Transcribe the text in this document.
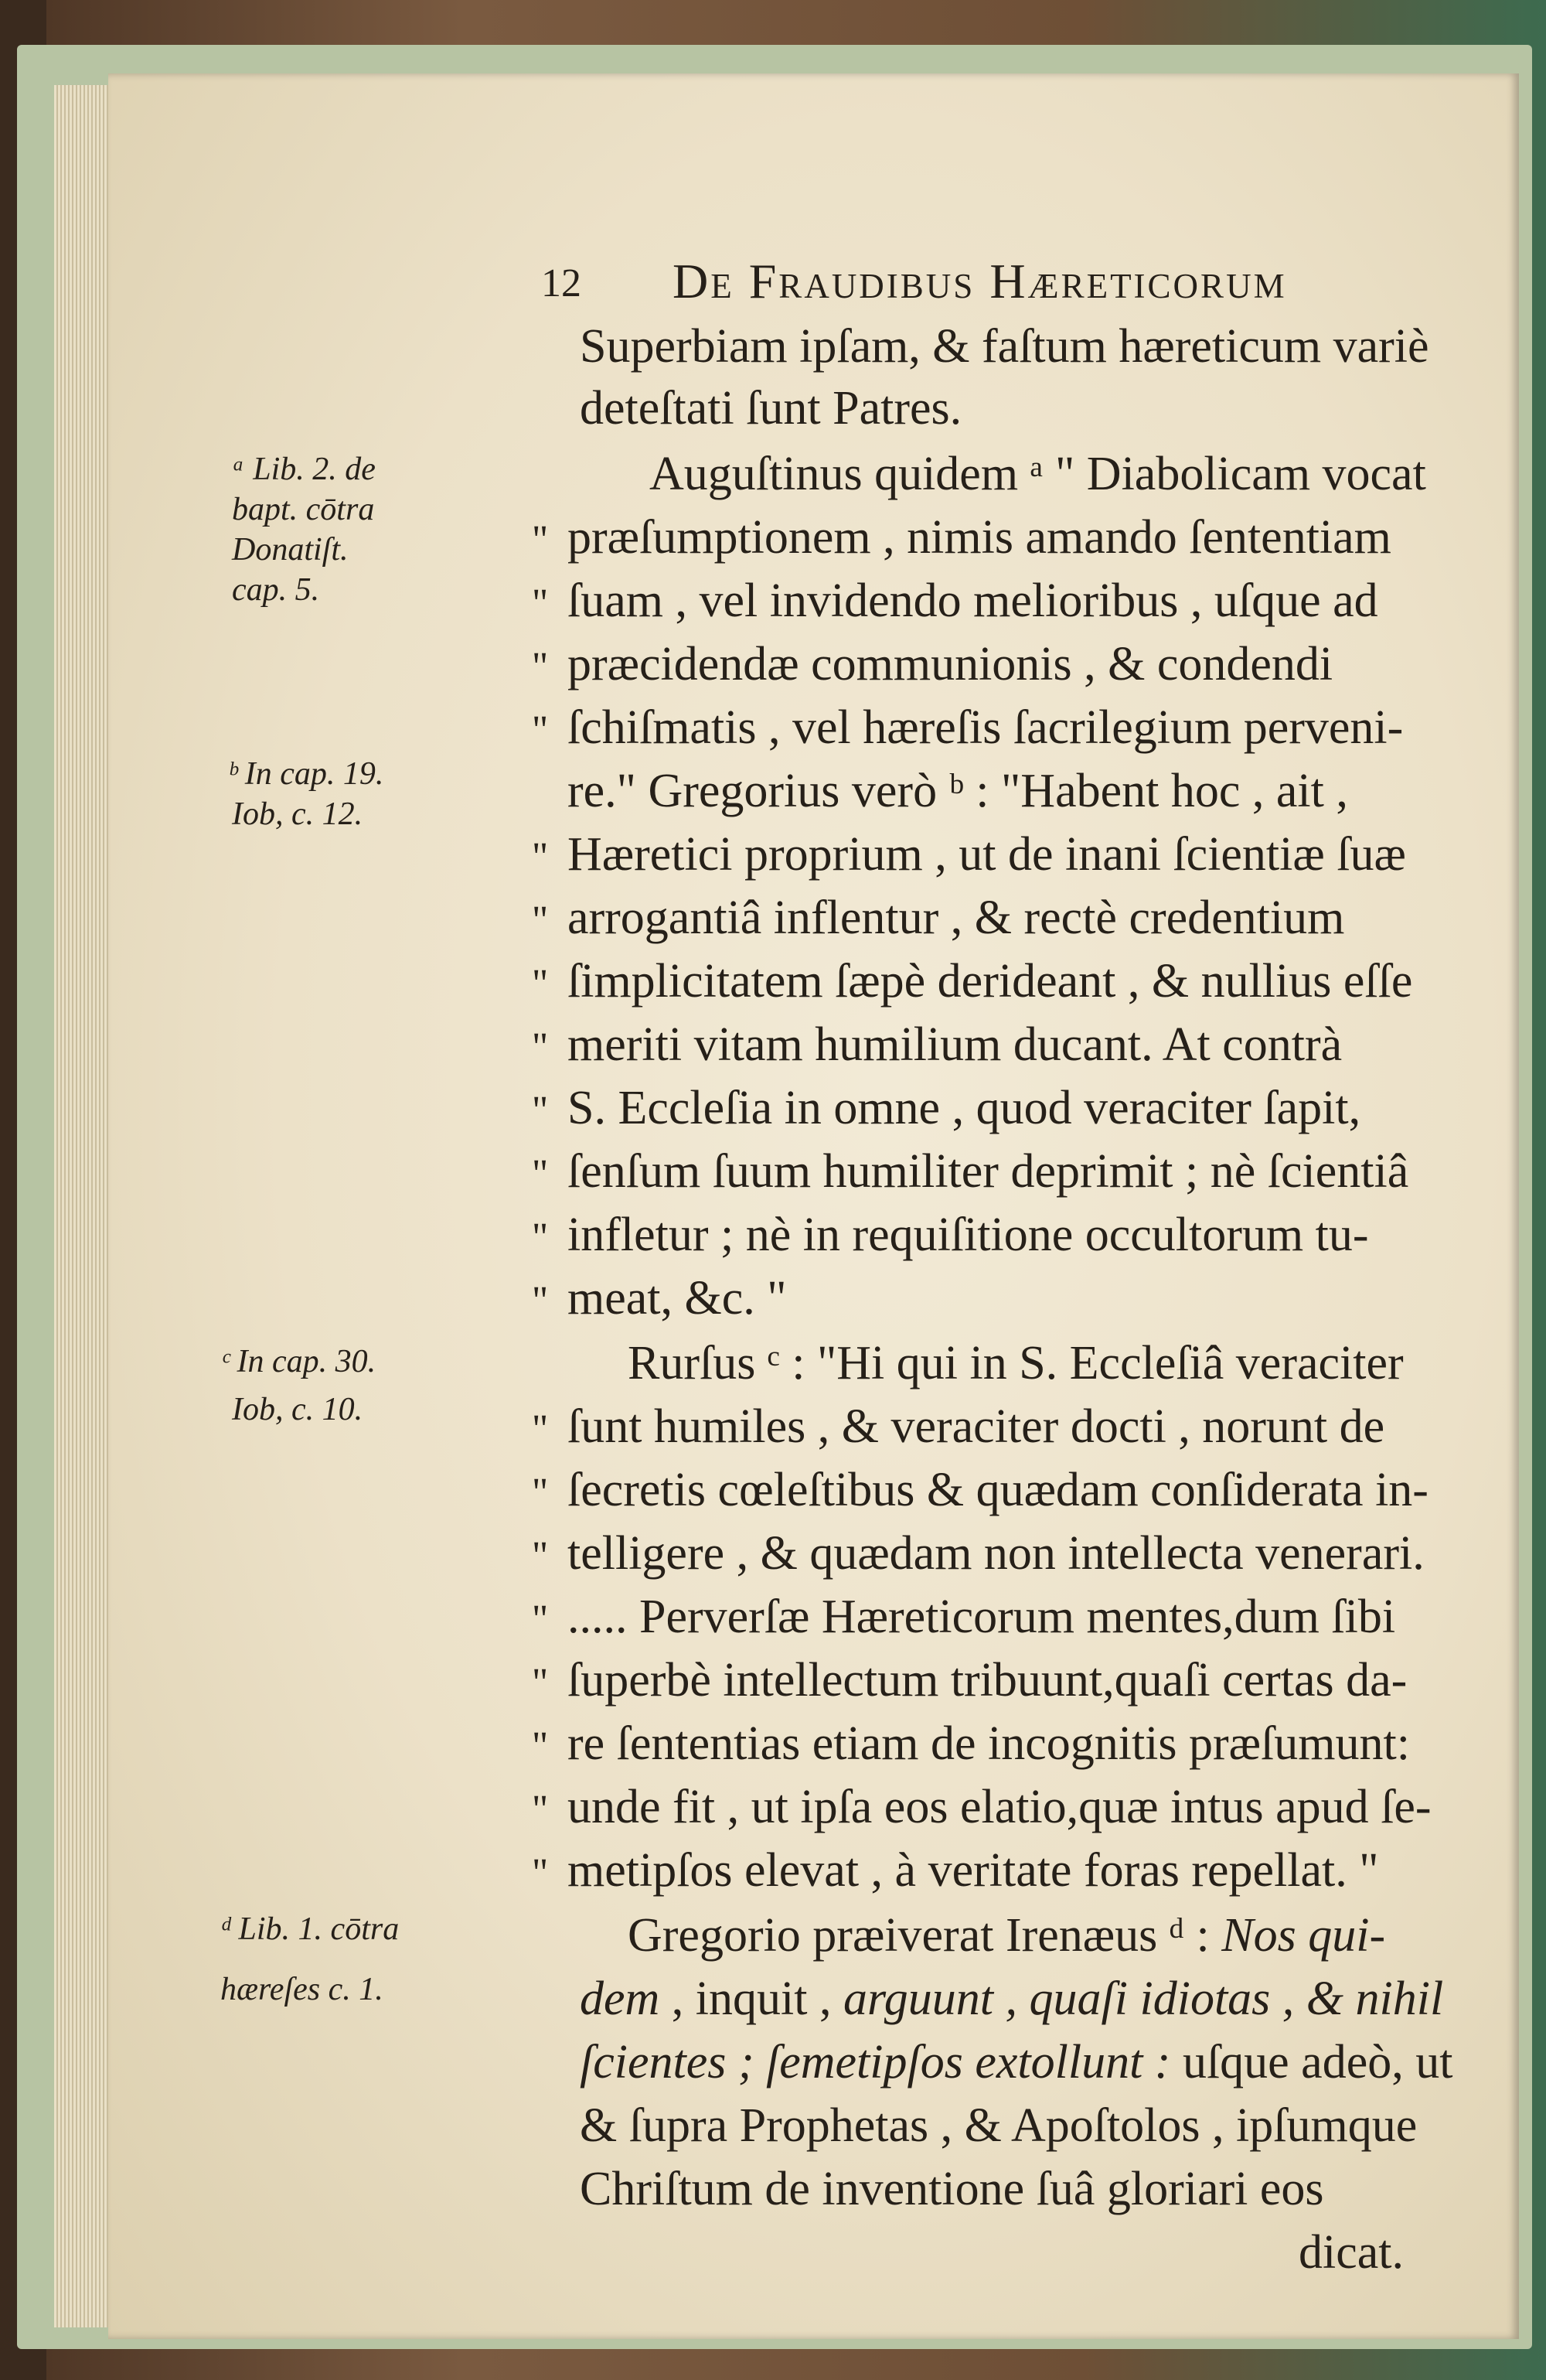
12 De Fraudibus Hæreticorum
Superbiam ipſam, & faſtum hæreticum variè
deteſtati ſunt Patres.
Auguſtinus quidem ᵃ " Diabolicam vocat
" præſumptionem , nimis amando ſententiam
" ſuam , vel invidendo melioribus , uſque ad
" præcidendæ communionis , & condendi
" ſchiſmatis , vel hæreſis ſacrilegium perveni-
re." Gregorius verò ᵇ : "Habent hoc , ait ,
" Hæretici proprium , ut de inani ſcientiæ ſuæ
" arrogantiâ inflentur , & rectè credentium
" ſimplicitatem ſæpè derideant , & nullius eſſe
" meriti vitam humilium ducant. At contrà
" S. Eccleſia in omne , quod veraciter ſapit,
" ſenſum ſuum humiliter deprimit ; nè ſcientiâ
" infletur ; nè in requiſitione occultorum tu-
" meat, &c. "
Rurſus ᶜ : "Hi qui in S. Eccleſiâ veraciter
" ſunt humiles , & veraciter docti , norunt de
" ſecretis cœleſtibus & quædam conſiderata in-
" telligere , & quædam non intellecta venerari.
" ..... Perverſæ Hæreticorum mentes,dum ſibi
" ſuperbè intellectum tribuunt,quaſi certas da-
" re ſententias etiam de incognitis præſumunt:
" unde fit , ut ipſa eos elatio,quæ intus apud ſe-
" metipſos elevat , à veritate foras repellat. "
Gregorio præiverat Irenæus ᵈ : Nos qui-
dem , inquit , arguunt , quaſi idiotas , & nihil
ſcientes ; ſemetipſos extollunt : uſque adeò, ut
& ſupra Prophetas , & Apoſtolos , ipſumque
Chriſtum de inventione ſuâ gloriari eos
dicat.
ᵃ Lib. 2. de
bapt. cōtra
Donatiſt.
cap. 5.
ᵇ In cap. 19.
Iob, c. 12.
ᶜ In cap. 30.
Iob, c. 10.
ᵈ Lib. 1. cōtra
hæreſes c. 1.
